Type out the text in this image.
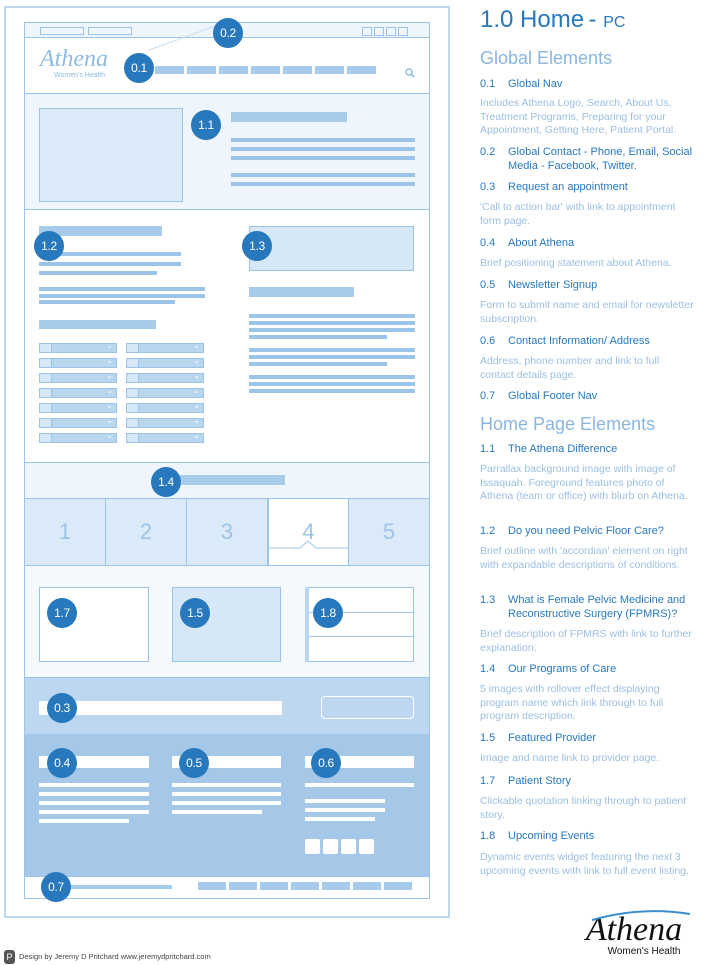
Athena
Women's Health
⌄
⌄
⌄
⌄
⌄
⌄
⌄
⌄
⌄
⌄
⌄
⌄
⌄
⌄
1	2	3	4	5
0.1
0.2
1.1
1.2	1.3
1.4
1.7	1.5	1.8
0.3
0.4	0.5	0.6
0.7
P Design by Jeremy D Pritchard www.jeremydpritchard.com
1.0 Home - PC
Global Elements
0.1 Global Nav
Includes Athena Logo, Search, About Us, Treatment Programs, Preparing for your Appointment, Getting Here, Patient Portal.
0.2 Global Contact - Phone, Email, Social Media - Facebook, Twitter.
0.3 Request an appointment
'Call to action bar' with link to appointment form page.
0.4 About Athena
Brief positioning statement about Athena.
0.5 Newsletter Signup
Form to submit name and email for newsletter subscription.
0.6 Contact Information/ Address
Address, phone number and link to full contact details page.
0.7 Global Footer Nav
Home Page Elements
1.1 The Athena Difference
Parrallax background image with image of Issaquah. Foreground features photo of Athena (team or office) with blurb on Athena.
1.2 Do you need Pelvic Floor Care?
Brief outline with 'accordian' element on right with expandable descriptions of conditions.
1.3 What is Female Pelvic Medicine and Reconstructive Surgery (FPMRS)?
Brief description of FPMRS with link to further explanation.
1.4 Our Programs of Care
5 images with rollover effect displaying program name which link through to full program description.
1.5 Featured Provider
Image and name link to provider page.
1.7 Patient Story
Clickable quotation linking through to patient story.
1.8 Upcoming Events
Dynamic events widget featuring the next 3 upcoming events with link to full event listing.
Athena
Women's Health
